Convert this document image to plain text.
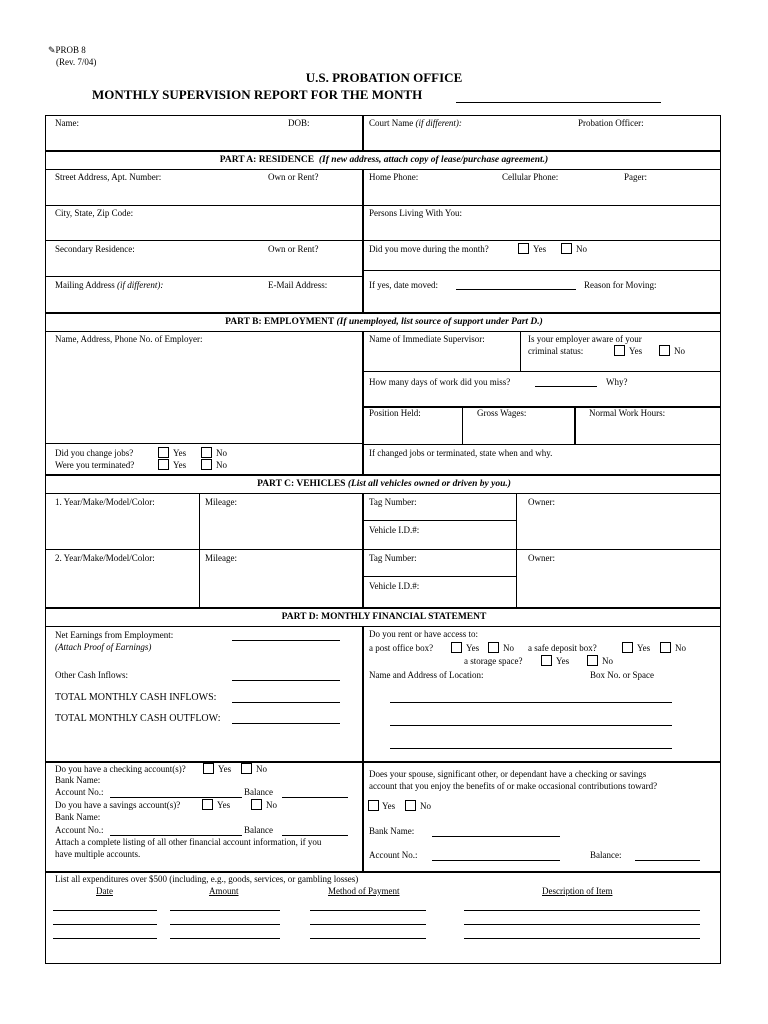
✎PROB 8
(Rev. 7/04)
U.S. PROBATION OFFICE
MONTHLY SUPERVISION REPORT FOR THE MONTH
Name:	DOB:	Court Name (if different):	Probation Officer:
PART A: RESIDENCE (If new address, attach copy of lease/purchase agreement.)
Street Address, Apt. Number:	Own or Rent?	Home Phone:	Cellular Phone:	Pager:
City, State, Zip Code:	Persons Living With You:
Secondary Residence:	Own or Rent?	Did you move during the month?	Yes	No
Mailing Address (if different):	E-Mail Address:	If yes, date moved:	Reason for Moving:
PART B: EMPLOYMENT (If unemployed, list source of support under Part D.)
Name, Address, Phone No. of Employer:	Name of Immediate Supervisor:	Is your employer aware of your
criminal status:	Yes	No
How many days of work did you miss?	Why?
Position Held:	Gross Wages:	Normal Work Hours:
Did you change jobs?	Yes	No
Were you terminated?	Yes	No
If changed jobs or terminated, state when and why.
PART C: VEHICLES (List all vehicles owned or driven by you.)
1. Year/Make/Model/Color:	Mileage:	Tag Number:	Owner:
Vehicle I.D.#:
2. Year/Make/Model/Color:	Mileage:	Tag Number:	Owner:
Vehicle I.D.#:
PART D: MONTHLY FINANCIAL STATEMENT
Net Earnings from Employment:
(Attach Proof of Earnings)
Other Cash Inflows:
TOTAL MONTHLY CASH INFLOWS:
TOTAL MONTHLY CASH OUTFLOW:
Do you rent or have access to:
a post office box?	Yes	No a safe deposit box?	Yes	No
a storage space?	Yes	No
Name and Address of Location:	Box No. or Space
Do you have a checking account(s)?	Yes	No
Bank Name:
Account No.:	Balance
Do you have a savings account(s)?	Yes	No
Bank Name:
Account No.:	Balance
Attach a complete listing of all other financial account information, if you
have multiple accounts.
Does your spouse, significant other, or dependant have a checking or savings
account that you enjoy the benefits of or make occasional contributions toward?
Yes	No
Bank Name:
Account No.:	Balance:
List all expenditures over $500 (including, e.g., goods, services, or gambling losses)
Date	Amount	Method of Payment	Description of Item
